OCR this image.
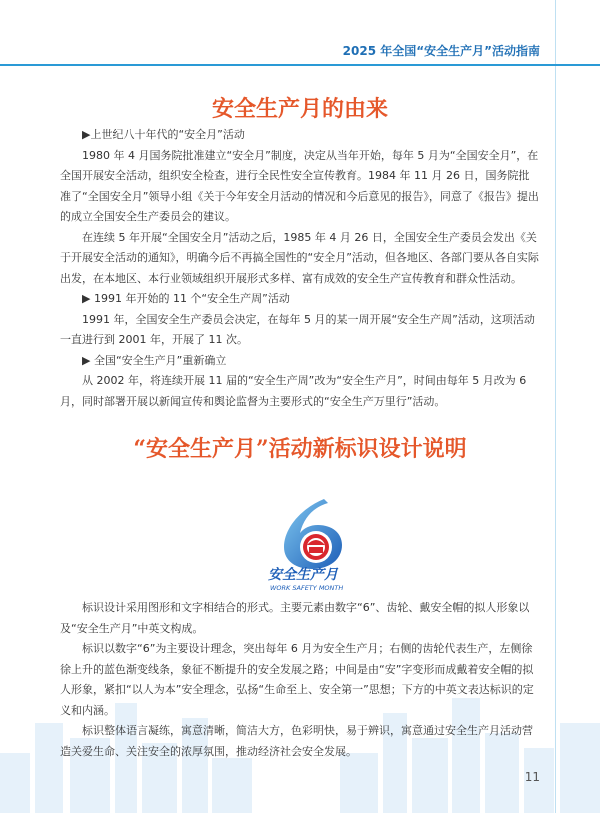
2025 年全国“安全生产月”活动指南
安全生产月的由来

▶上世纪八十年代的“安全月”活动

1980 年 4 月国务院批准建立“安全月”制度，决定从当年开始，每年 5 月为“全国安全月”，在全国开展安全活动，组织安全检查，进行全民性安全宣传教育。1984 年 11 月 26 日，国务院批准了“全国安全月”领导小组《关于今年安全月活动的情况和今后意见的报告》，同意了《报告》提出的成立全国安全生产委员会的建议。

在连续 5 年开展“全国安全月”活动之后，1985 年 4 月 26 日，全国安全生产委员会发出《关于开展安全活动的通知》，明确今后不再搞全国性的“安全月”活动，但各地区、各部门要从各自实际出发，在本地区、本行业领域组织开展形式多样、富有成效的安全生产宣传教育和群众性活动。

▶ 1991 年开始的 11 个“安全生产周”活动

1991 年，全国安全生产委员会决定，在每年 5 月的某一周开展“安全生产周”活动，这项活动一直进行到 2001 年，开展了 11 次。

▶ 全国“安全生产月”重新确立

从 2002 年，将连续开展 11 届的“安全生产周”改为“安全生产月”，时间由每年 5 月改为 6 月，同时部署开展以新闻宣传和舆论监督为主要形式的“安全生产万里行”活动。

“安全生产月”活动新标识设计说明
安全生产月
WORK SAFETY MONTH

标识设计采用图形和文字相结合的形式。主要元素由数字“6”、齿轮、戴安全帽的拟人形象以及“安全生产月”中英文构成。

标识以数字“6”为主要设计理念，突出每年 6 月为安全生产月；右侧的齿轮代表生产，左侧徐徐上升的蓝色渐变线条，象征不断提升的安全发展之路；中间是由“安”字变形而成戴着安全帽的拟人形象，紧扣“以人为本”安全理念，弘扬“生命至上、安全第一”思想；下方的中英文表达标识的定义和内涵。

标识整体语言凝练，寓意清晰，简洁大方，色彩明快，易于辨识，寓意通过安全生产月活动营造关爱生命、关注安全的浓厚氛围，推动经济社会安全发展。

11
